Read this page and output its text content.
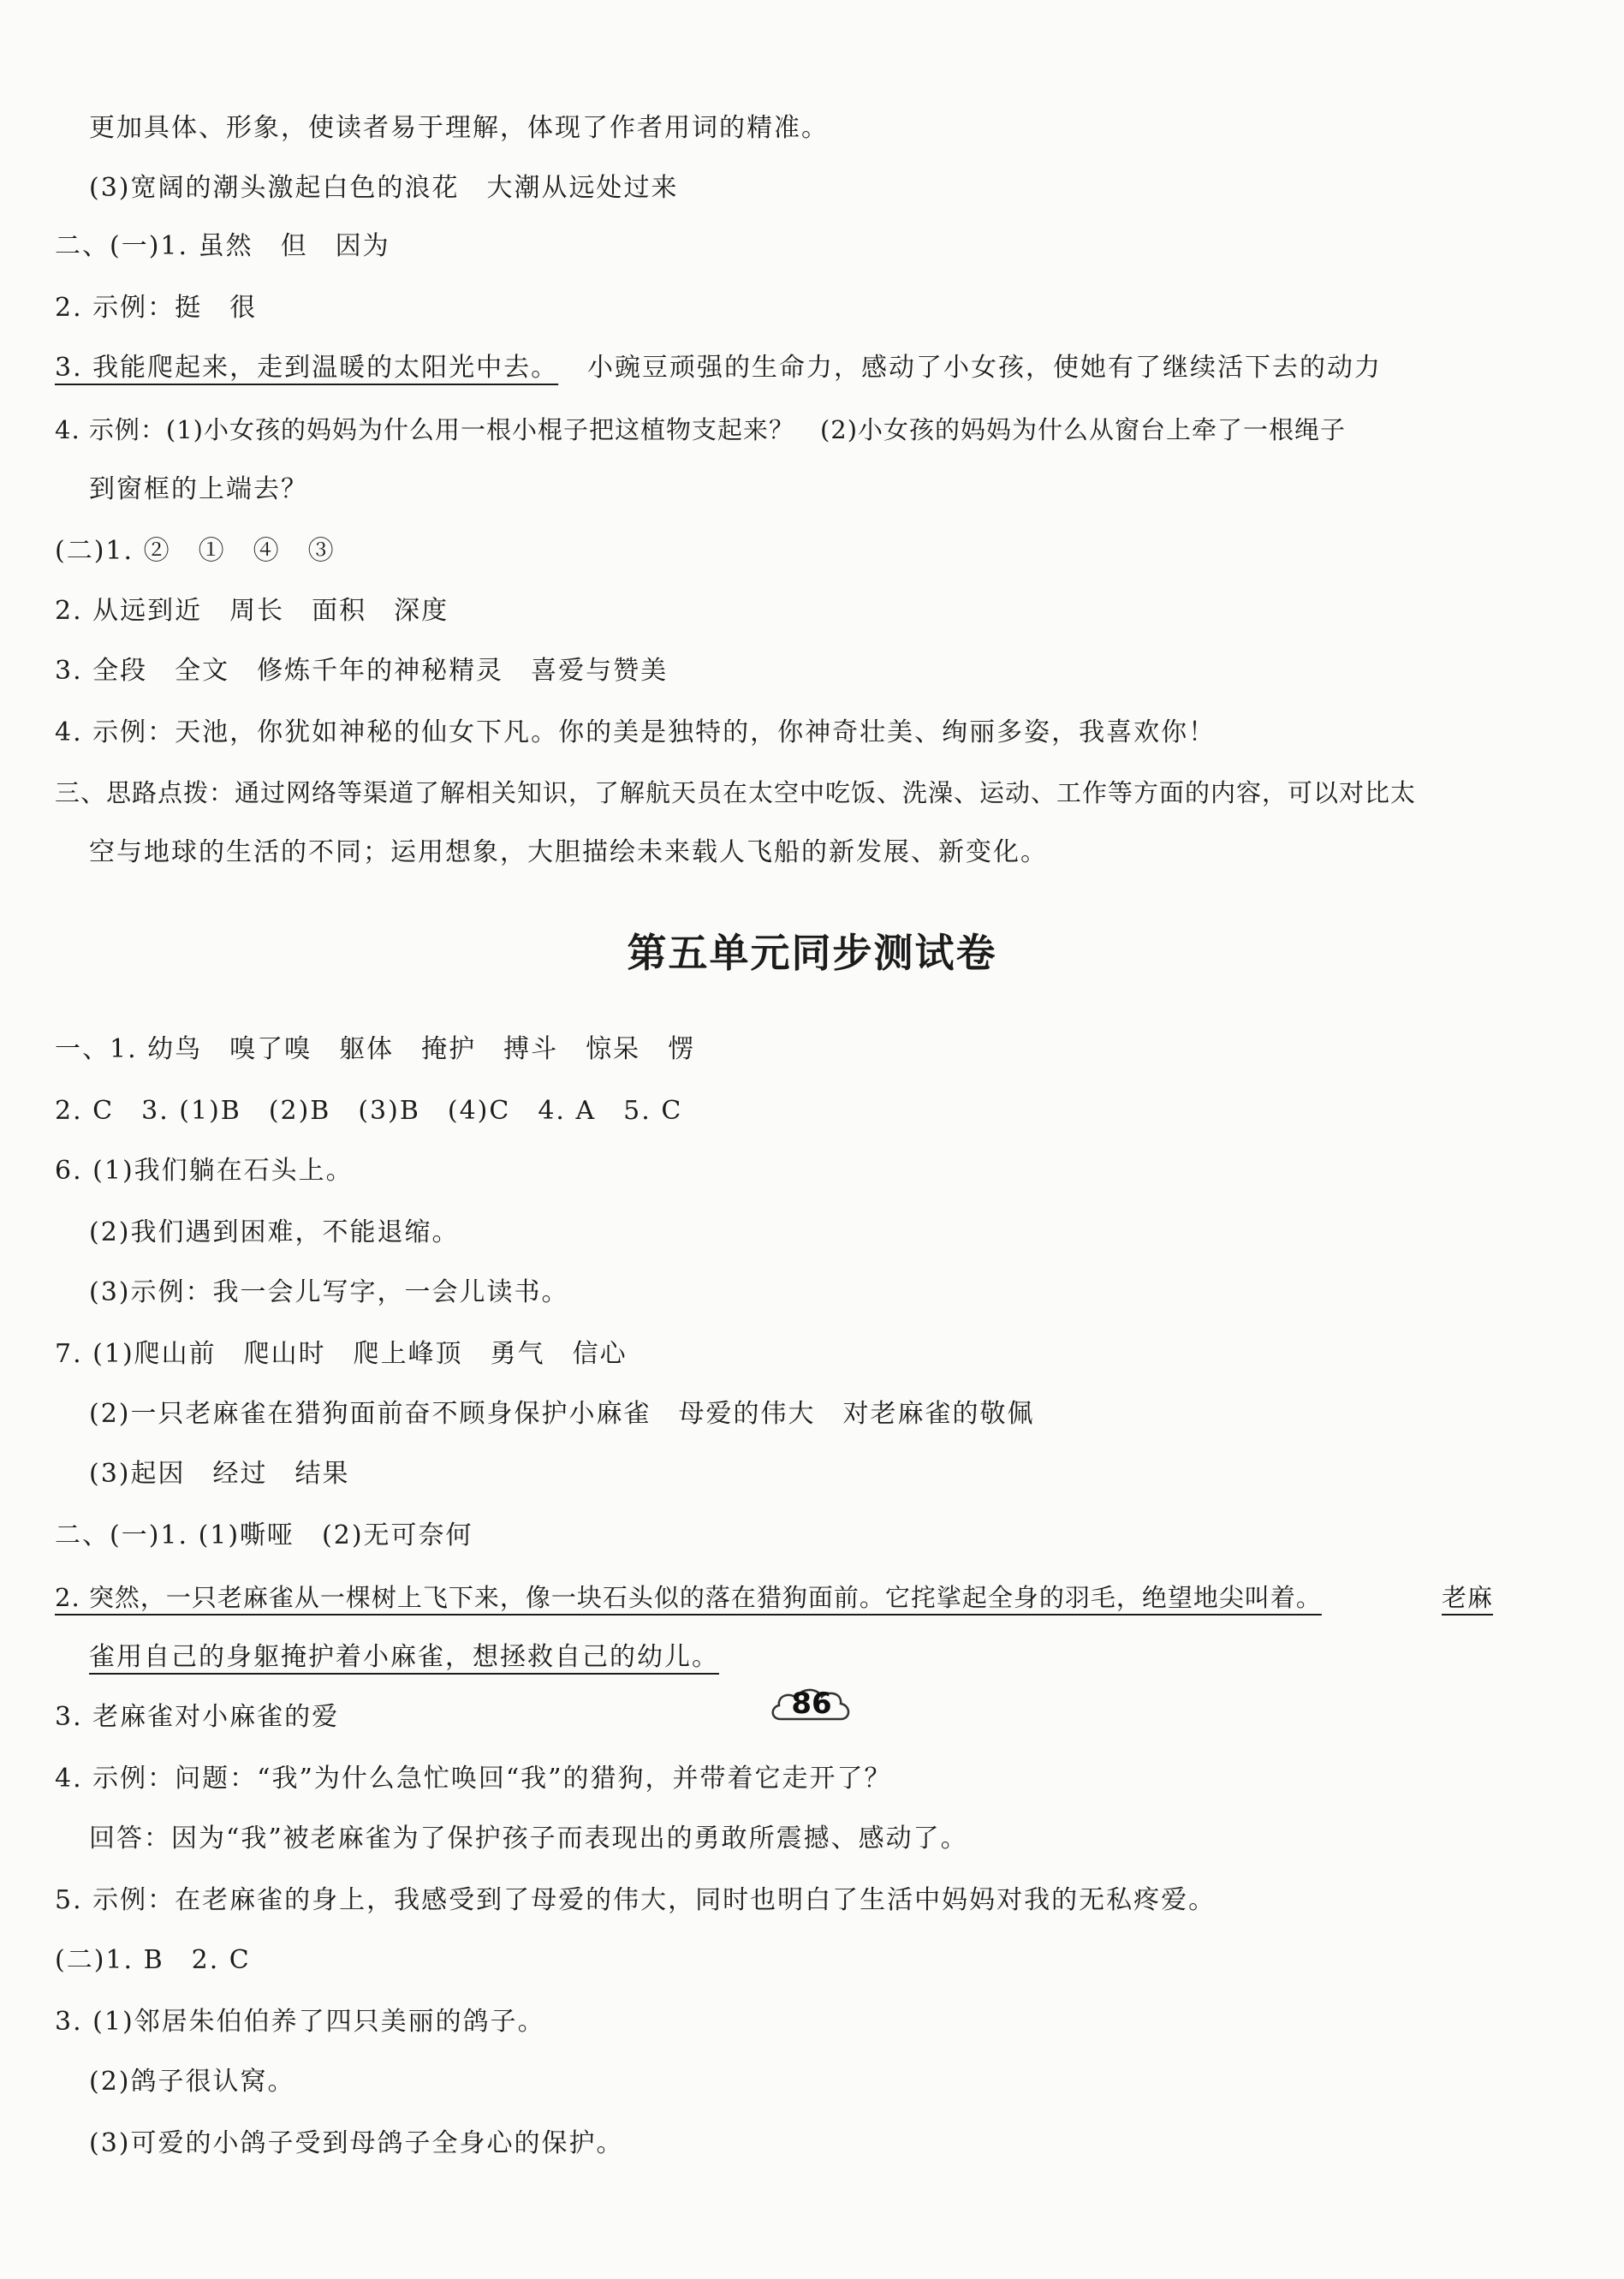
更加具体、形象，使读者易于理解，体现了作者用词的精准。
(3)宽阔的潮头激起白色的浪花　大潮从远处过来
二、(一)1. 虽然　但　因为
2. 示例：挺　很
3. 我能爬起来，走到温暖的太阳光中去。 小豌豆顽强的生命力，感动了小女孩，使她有了继续活下去的动力
4. 示例：(1)小女孩的妈妈为什么用一根小棍子把这植物支起来？　(2)小女孩的妈妈为什么从窗台上牵了一根绳子
到窗框的上端去？
(二)1. ②　①　④　③
2. 从远到近　周长　面积　深度
3. 全段　全文　修炼千年的神秘精灵　喜爱与赞美
4. 示例：天池，你犹如神秘的仙女下凡。你的美是独特的，你神奇壮美、绚丽多姿，我喜欢你！
三、思路点拨：通过网络等渠道了解相关知识，了解航天员在太空中吃饭、洗澡、运动、工作等方面的内容，可以对比太
空与地球的生活的不同；运用想象，大胆描绘未来载人飞船的新发展、新变化。
第五单元同步测试卷
一、1. 幼鸟　嗅了嗅　躯体　掩护　搏斗　惊呆　愣
2. C　3. (1)B　(2)B　(3)B　(4)C　4. A　5. C
6. (1)我们躺在石头上。
(2)我们遇到困难，不能退缩。
(3)示例：我一会儿写字，一会儿读书。
7. (1)爬山前　爬山时　爬上峰顶　勇气　信心
(2)一只老麻雀在猎狗面前奋不顾身保护小麻雀　母爱的伟大　对老麻雀的敬佩
(3)起因　经过　结果
二、(一)1. (1)嘶哑　(2)无可奈何
2. 突然，一只老麻雀从一棵树上飞下来，像一块石头似的落在猎狗面前。它挓挲起全身的羽毛，绝望地尖叫着。	老麻
雀用自己的身躯掩护着小麻雀，想拯救自己的幼儿。
3. 老麻雀对小麻雀的爱
4. 示例：问题：“我”为什么急忙唤回“我”的猎狗，并带着它走开了？
回答：因为“我”被老麻雀为了保护孩子而表现出的勇敢所震撼、感动了。
5. 示例：在老麻雀的身上，我感受到了母爱的伟大，同时也明白了生活中妈妈对我的无私疼爱。
(二)1. B　2. C
3. (1)邻居朱伯伯养了四只美丽的鸽子。
(2)鸽子很认窝。
(3)可爱的小鸽子受到母鸽子全身心的保护。
86
